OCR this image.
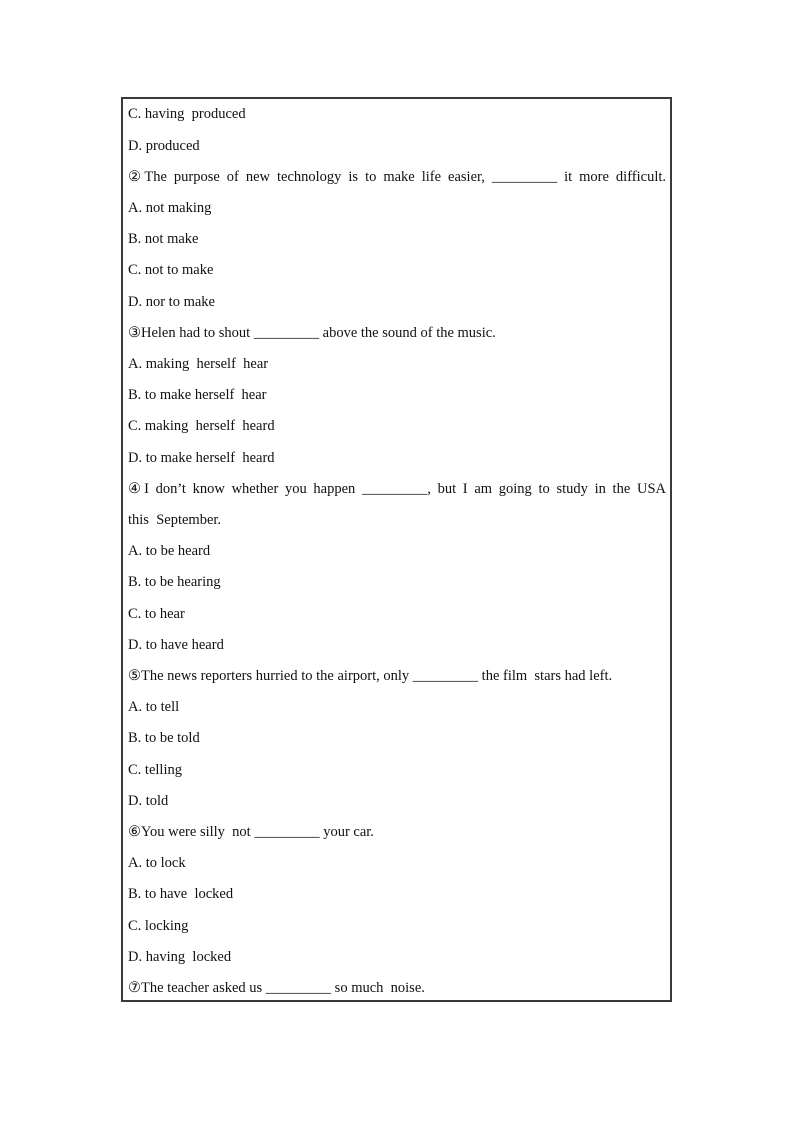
C. having  produced
D. produced
②The purpose of new technology is to make life easier, _________ it more difficult.
A. not making
B. not make
C. not to make
D. nor to make
③Helen had to shout _________ above the sound of the music.
A. making  herself  hear
B. to make herself  hear
C. making  herself  heard
D. to make herself  heard
④I don’t know whether you happen _________, but I am going to study in the USA
this  September.
A. to be heard
B. to be hearing
C. to hear
D. to have heard
⑤The news reporters hurried to the airport, only _________ the film  stars had left.
A. to tell
B. to be told
C. telling
D. told
⑥You were silly  not _________ your car.
A. to lock
B. to have  locked
C. locking
D. having  locked
⑦The teacher asked us _________ so much  noise.
